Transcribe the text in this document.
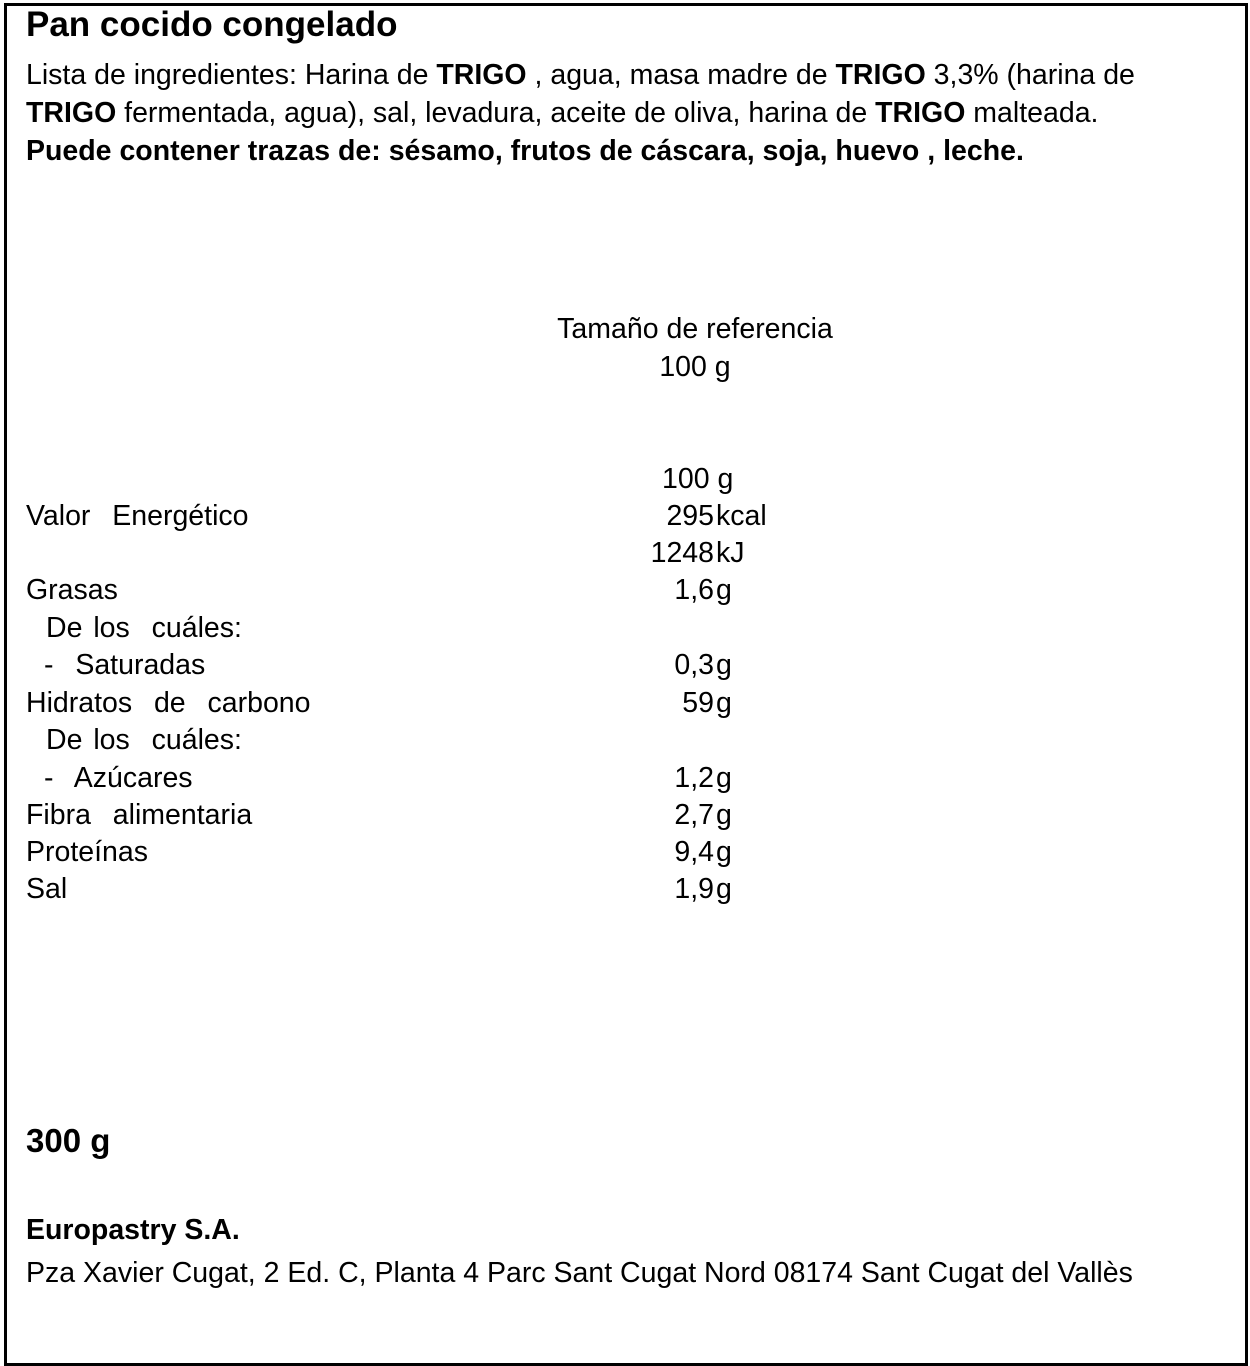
Pan cocido congelado
Lista de ingredientes: Harina de TRIGO , agua, masa madre de TRIGO 3,3% (harina de TRIGO fermentada, agua), sal, levadura, aceite de oliva, harina de TRIGO malteada. Puede contener trazas de: sésamo, frutos de cáscara, soja, huevo , leche.
Tamaño de referencia
100 g
100 g
Valor  Energético	295 kcal
1248 kJ
Grasas	1,6 g
De los  cuáles:
-  Saturadas	0,3 g
Hidratos  de  carbono	59 g
De los  cuáles:
-  Azúcares	1,2 g
Fibra  alimentaria	2,7 g
Proteínas	9,4 g
Sal	1,9 g
300 g
Europastry S.A.
Pza Xavier Cugat, 2 Ed. C, Planta 4 Parc Sant Cugat Nord 08174 Sant Cugat del Vallès
